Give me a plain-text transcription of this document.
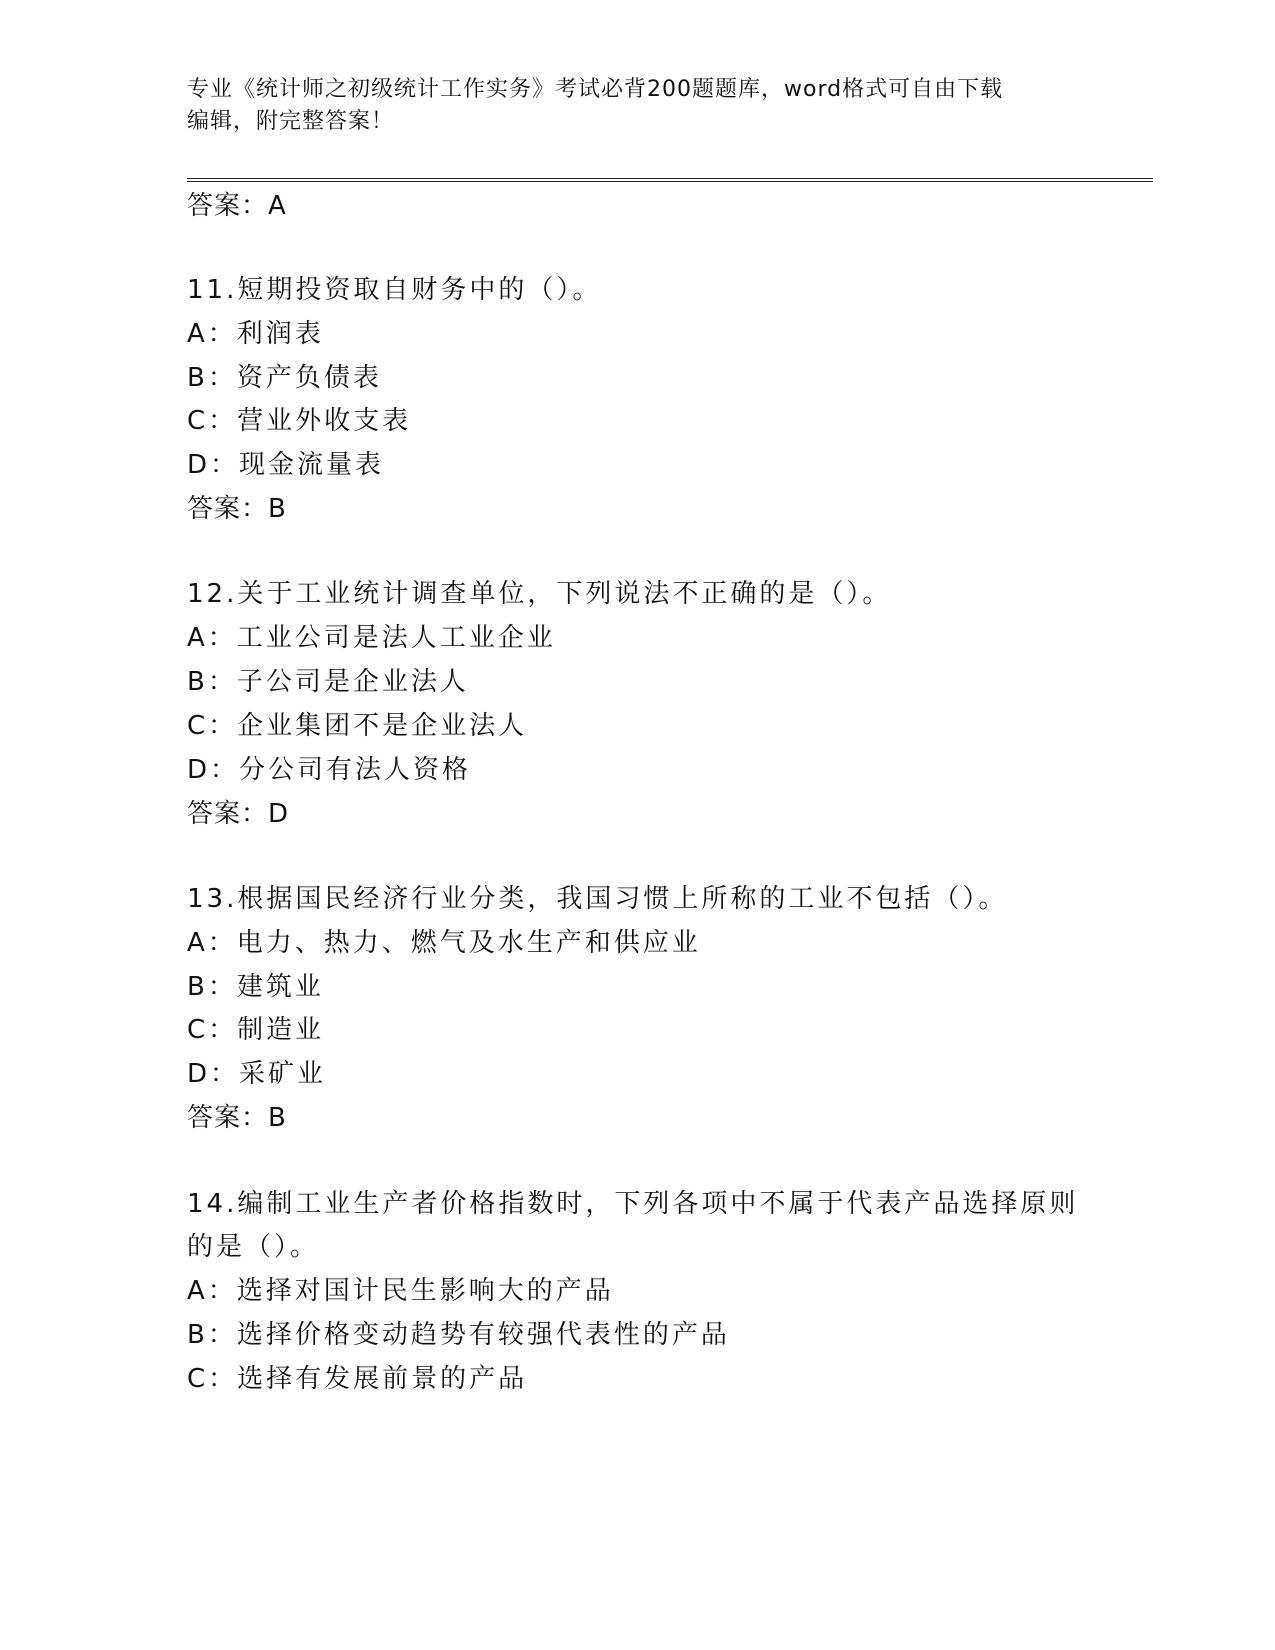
专业《统计师之初级统计工作实务》考试必背200题题库，word格式可自由下载
编辑，附完整答案！
答案：A
11.短期投资取自财务中的（）。
A：利润表
B：资产负债表
C：营业外收支表
D：现金流量表
答案：B
12.关于工业统计调查单位，下列说法不正确的是（）。
A：工业公司是法人工业企业
B：子公司是企业法人
C：企业集团不是企业法人
D：分公司有法人资格
答案：D
13.根据国民经济行业分类，我国习惯上所称的工业不包括（）。
A：电力、热力、燃气及水生产和供应业
B：建筑业
C：制造业
D：采矿业
答案：B
14.编制工业生产者价格指数时，下列各项中不属于代表产品选择原则
的是（）。
A：选择对国计民生影响大的产品
B：选择价格变动趋势有较强代表性的产品
C：选择有发展前景的产品
